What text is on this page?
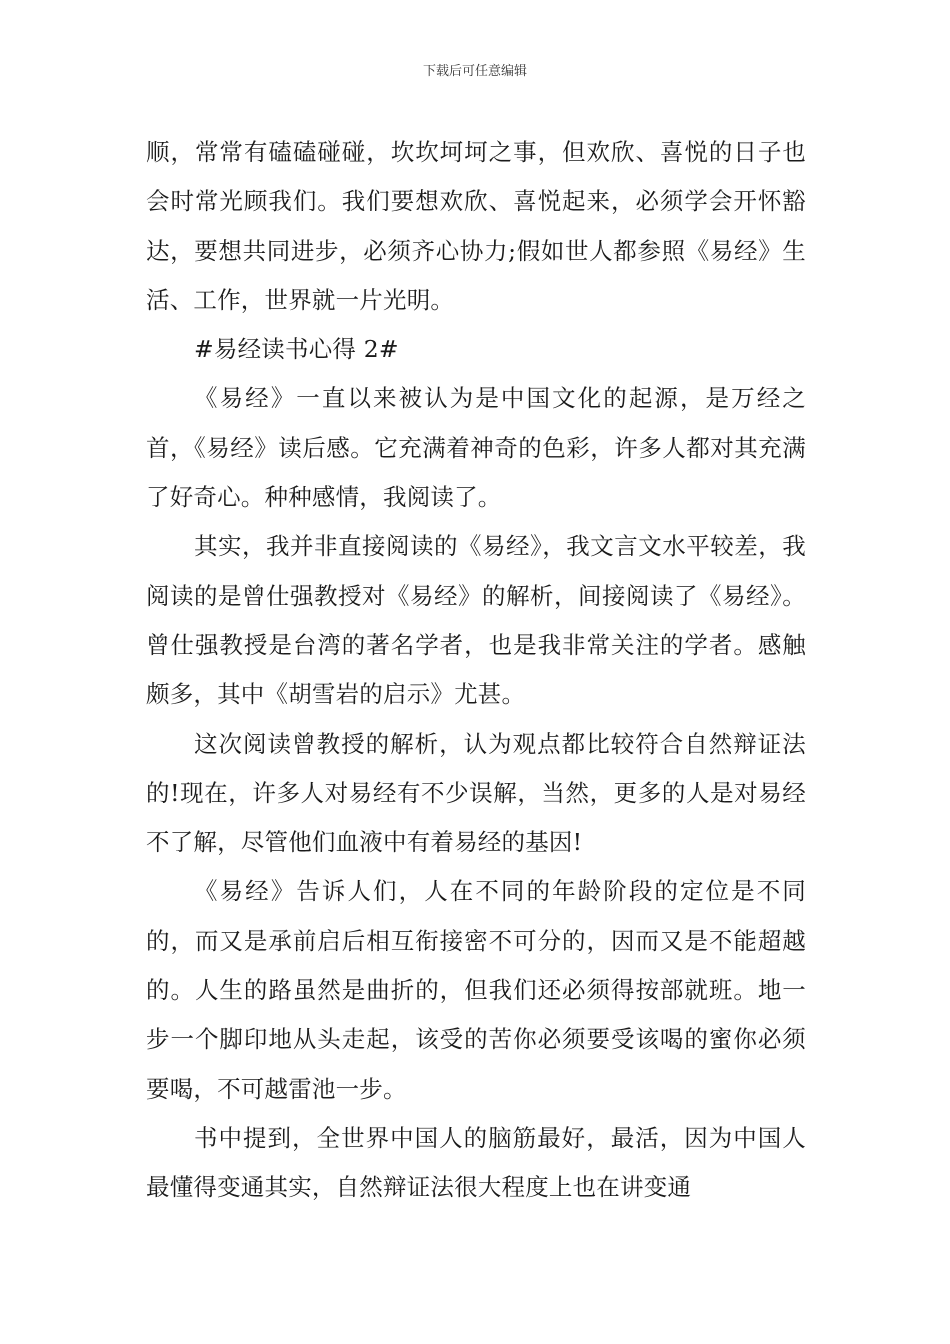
下载后可任意编辑

顺，常常有磕磕碰碰，坎坎坷坷之事，但欢欣、喜悦的日子也会时常光顾我们。我们要想欢欣、喜悦起来，必须学会开怀豁达，要想共同进步，必须齐心协力;假如世人都参照《易经》生活、工作，世界就一片光明。

#易经读书心得 2#

《易经》一直以来被认为是中国文化的起源，是万经之首，《易经》读后感。它充满着神奇的色彩，许多人都对其充满了好奇心。种种感情，我阅读了。

其实，我并非直接阅读的《易经》，我文言文水平较差，我阅读的是曾仕强教授对《易经》的解析，间接阅读了《易经》。曾仕强教授是台湾的著名学者，也是我非常关注的学者。感触颇多，其中《胡雪岩的启示》尤甚。

这次阅读曾教授的解析，认为观点都比较符合自然辩证法的!现在，许多人对易经有不少误解，当然，更多的人是对易经不了解，尽管他们血液中有着易经的基因!

《易经》告诉人们，人在不同的年龄阶段的定位是不同的，而又是承前启后相互衔接密不可分的，因而又是不能超越的。人生的路虽然是曲折的，但我们还必须得按部就班。地一步一个脚印地从头走起，该受的苦你必须要受该喝的蜜你必须要喝，不可越雷池一步。

书中提到，全世界中国人的脑筋最好，最活，因为中国人最懂得变通其实，自然辩证法很大程度上也在讲变通
